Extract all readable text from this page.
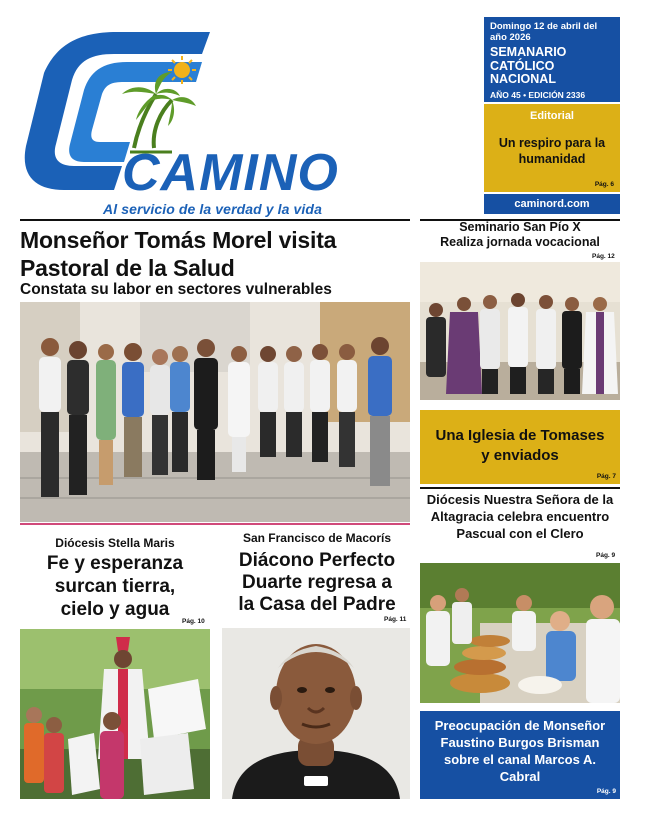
CAMINO
Al servicio de la verdad y la vida
Domingo 12 de abril del año 2026
SEMANARIO CATÓLICO NACIONAL
AÑO 45 • EDICIÓN 2336
Editorial
Un respiro para la humanidad
Pág. 6
caminord.com
Monseñor Tomás Morel visita Pastoral de la Salud
Constata su labor en sectores vulnerables
Seminario San Pío X
Realiza jornada vocacional
Pág. 12
Una Iglesia de Tomases y enviados
Pág. 7
Diócesis Nuestra Señora de la Altagracia celebra encuentro Pascual con el Clero
Pág. 9
Preocupación de Monseñor Faustino Burgos Brisman sobre el canal Marcos A. Cabral
Pág. 9
Diócesis Stella Maris
Fe y esperanza
surcan tierra,
cielo y agua
Pág. 10
San Francisco de Macorís
Diácono Perfecto
Duarte regresa a
la Casa del Padre
Pág. 11
